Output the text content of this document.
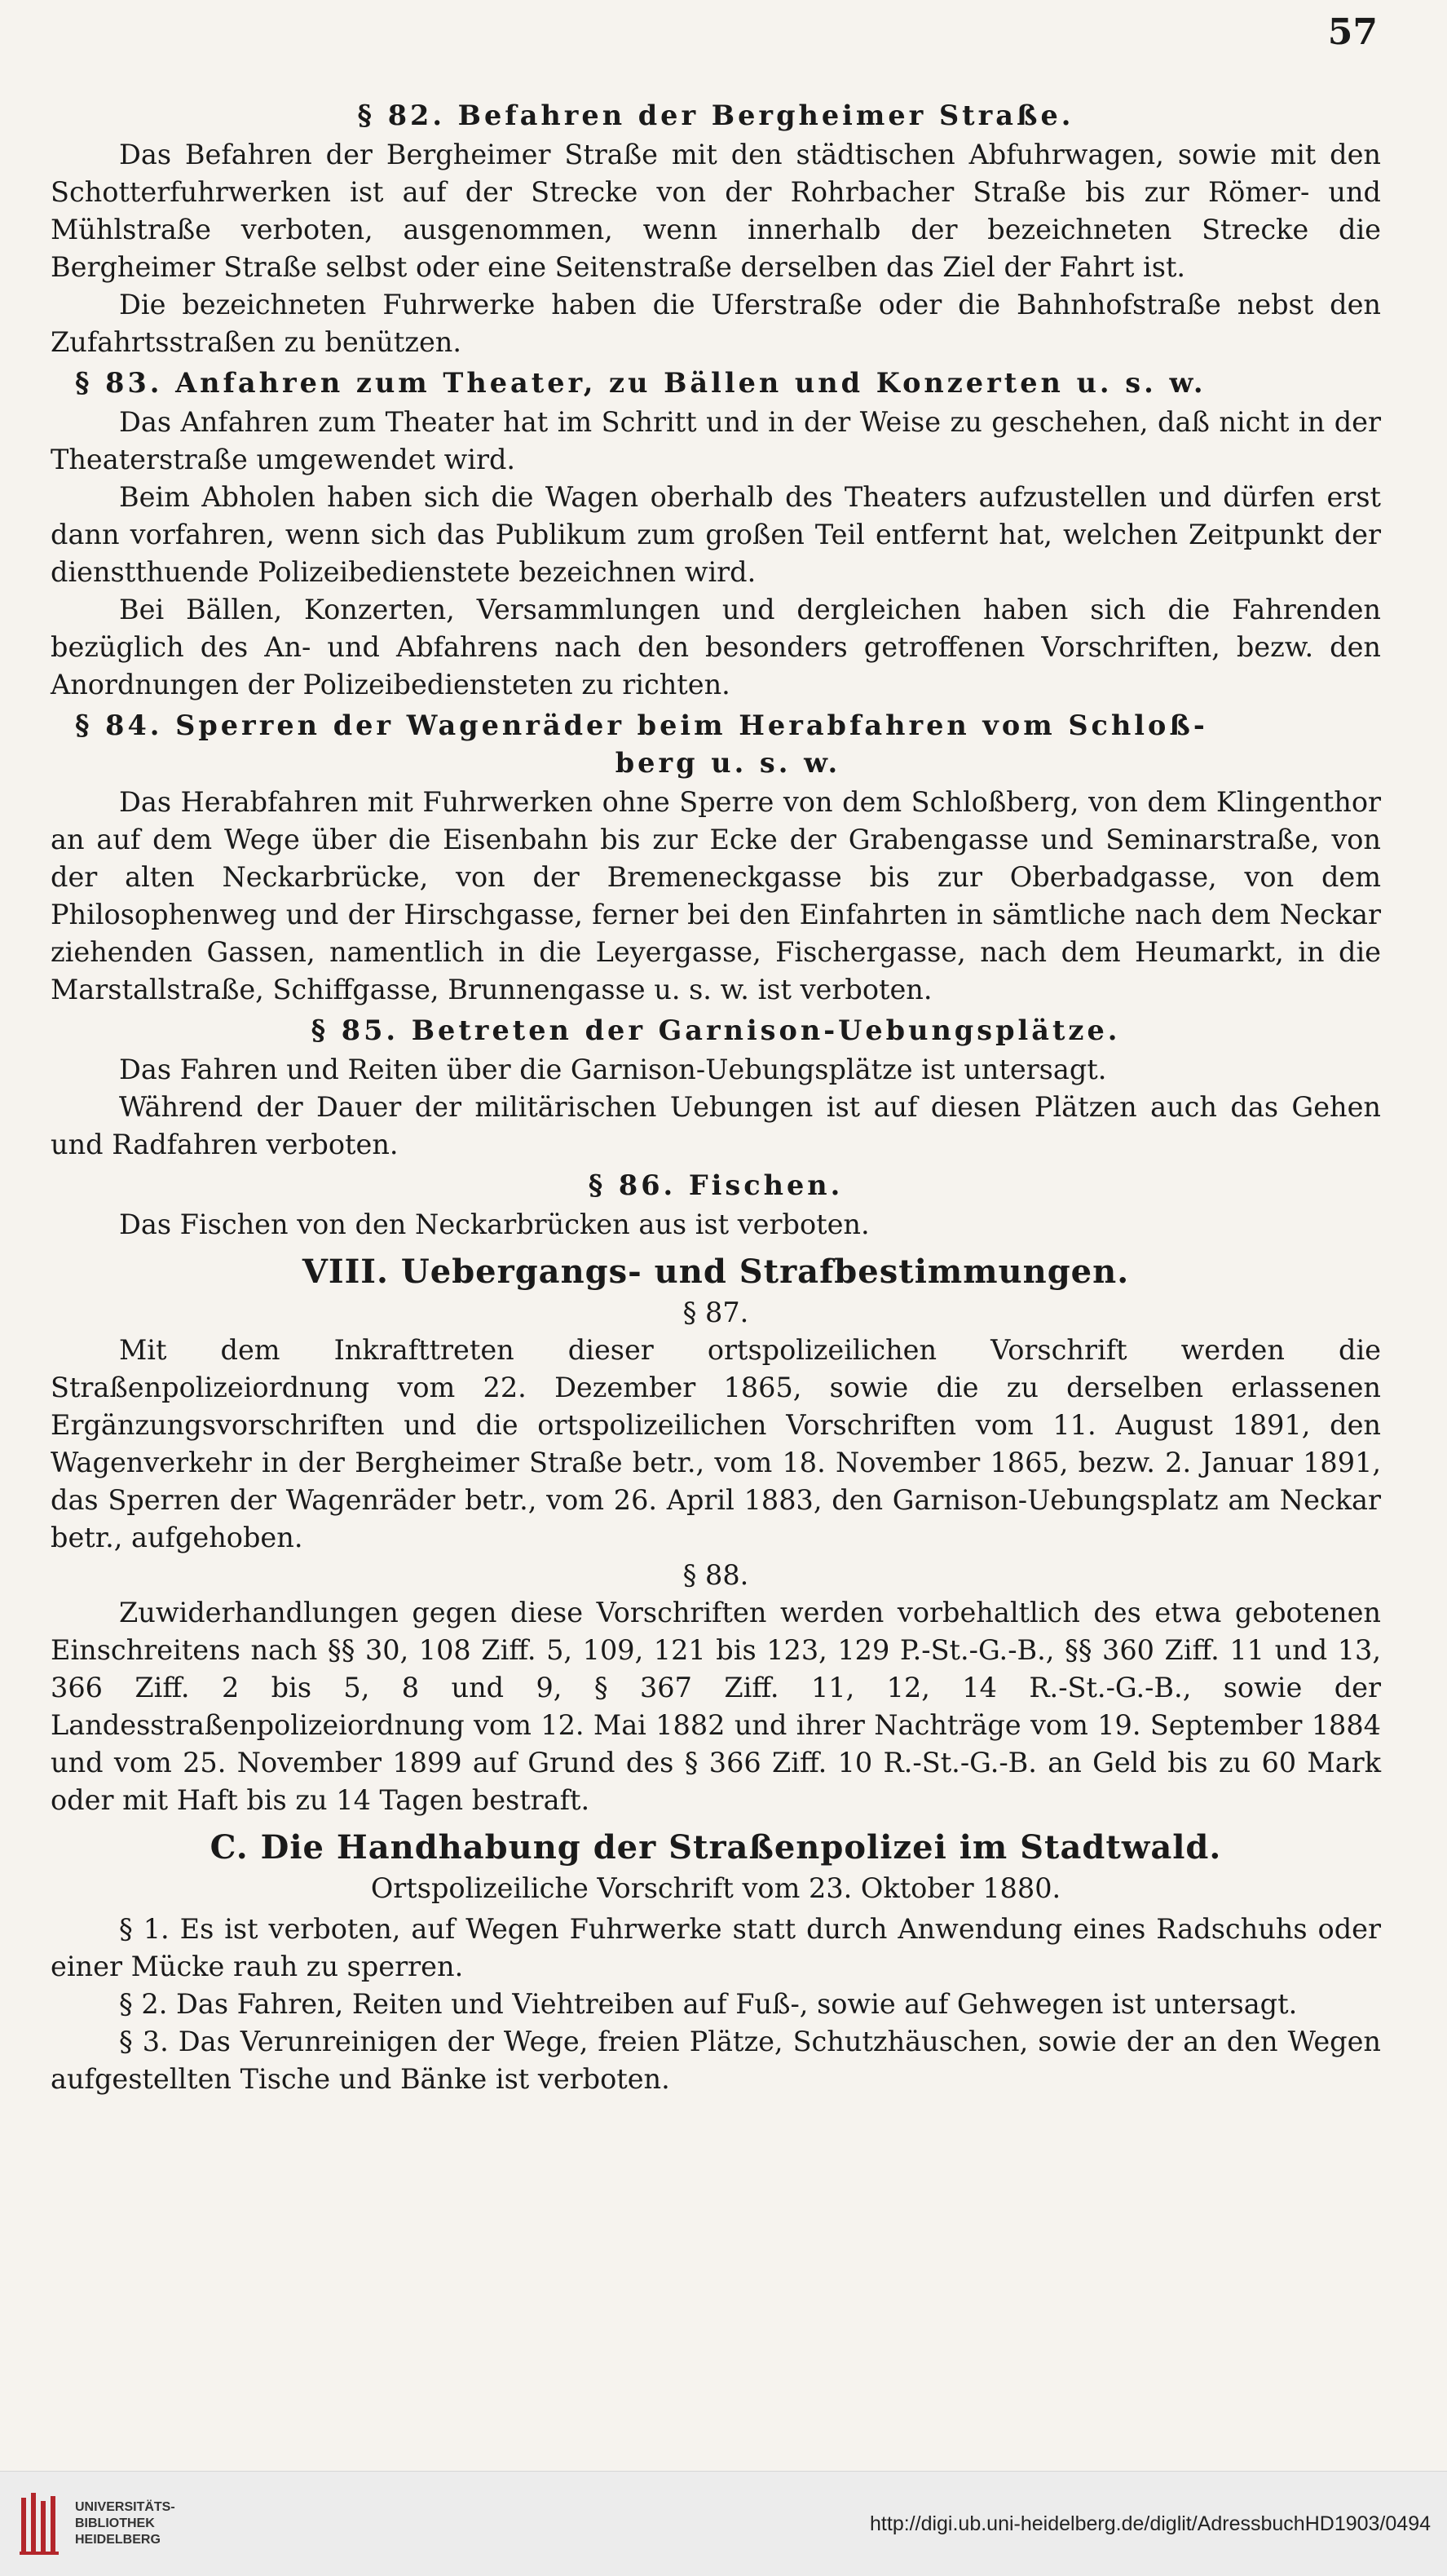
57
§ 82. Befahren der Bergheimer Straße.

Das Befahren der Bergheimer Straße mit den städtischen Abfuhrwagen, sowie mit den Schotterfuhrwerken ist auf der Strecke von der Rohrbacher Straße bis zur Römer- und Mühlstraße verboten, ausgenommen, wenn innerhalb der bezeichneten Strecke die Bergheimer Straße selbst oder eine Seitenstraße derselben das Ziel der Fahrt ist.

Die bezeichneten Fuhrwerke haben die Uferstraße oder die Bahnhofstraße nebst den Zufahrtsstraßen zu benützen.

§ 83. Anfahren zum Theater, zu Bällen und Konzerten u. s. w.

Das Anfahren zum Theater hat im Schritt und in der Weise zu geschehen, daß nicht in der Theaterstraße umgewendet wird.

Beim Abholen haben sich die Wagen oberhalb des Theaters aufzustellen und dürfen erst dann vorfahren, wenn sich das Publikum zum großen Teil entfernt hat, welchen Zeitpunkt der dienstthuende Polizeibedienstete bezeichnen wird.

Bei Bällen, Konzerten, Versammlungen und dergleichen haben sich die Fahrenden bezüglich des An- und Abfahrens nach den besonders getroffenen Vorschriften, bezw. den Anordnungen der Polizeibediensteten zu richten.

§ 84. Sperren der Wagenräder beim Herabfahren vom Schloß-
berg u. s. w.

Das Herabfahren mit Fuhrwerken ohne Sperre von dem Schloßberg, von dem Klingenthor an auf dem Wege über die Eisenbahn bis zur Ecke der Grabengasse und Seminarstraße, von der alten Neckarbrücke, von der Bremeneckgasse bis zur Oberbadgasse, von dem Philosophenweg und der Hirschgasse, ferner bei den Einfahrten in sämtliche nach dem Neckar ziehenden Gassen, namentlich in die Leyergasse, Fischergasse, nach dem Heumarkt, in die Marstallstraße, Schiffgasse, Brunnengasse u. s. w. ist verboten.

§ 85. Betreten der Garnison-Uebungsplätze.

Das Fahren und Reiten über die Garnison-Uebungsplätze ist untersagt.

Während der Dauer der militärischen Uebungen ist auf diesen Plätzen auch das Gehen und Radfahren verboten.

§ 86. Fischen.

Das Fischen von den Neckarbrücken aus ist verboten.

VIII. Uebergangs- und Strafbestimmungen.
§ 87.

Mit dem Inkrafttreten dieser ortspolizeilichen Vorschrift werden die Straßenpolizeiordnung vom 22. Dezember 1865, sowie die zu derselben erlassenen Ergänzungsvorschriften und die ortspolizeilichen Vorschriften vom 11. August 1891, den Wagenverkehr in der Bergheimer Straße betr., vom 18. November 1865, bezw. 2. Januar 1891, das Sperren der Wagenräder betr., vom 26. April 1883, den Garnison-Uebungsplatz am Neckar betr., aufgehoben.

§ 88.

Zuwiderhandlungen gegen diese Vorschriften werden vorbehaltlich des etwa gebotenen Einschreitens nach §§ 30, 108 Ziff. 5, 109, 121 bis 123, 129 P.-St.-G.-B., §§ 360 Ziff. 11 und 13, 366 Ziff. 2 bis 5, 8 und 9, § 367 Ziff. 11, 12, 14 R.-St.-G.-B., sowie der Landesstraßenpolizeiordnung vom 12. Mai 1882 und ihrer Nachträge vom 19. September 1884 und vom 25. November 1899 auf Grund des § 366 Ziff. 10 R.-St.-G.-B. an Geld bis zu 60 Mark oder mit Haft bis zu 14 Tagen bestraft.

C. Die Handhabung der Straßenpolizei im Stadtwald.
Ortspolizeiliche Vorschrift vom 23. Oktober 1880.

§ 1. Es ist verboten, auf Wegen Fuhrwerke statt durch Anwendung eines Radschuhs oder einer Mücke rauh zu sperren.

§ 2. Das Fahren, Reiten und Viehtreiben auf Fuß-, sowie auf Gehwegen ist untersagt.

§ 3. Das Verunreinigen der Wege, freien Plätze, Schutzhäuschen, sowie der an den Wegen aufgestellten Tische und Bänke ist verboten.

UNIVERSITÄTS-
BIBLIOTHEK
HEIDELBERG
http://digi.ub.uni-heidelberg.de/diglit/AdressbuchHD1903/0494
